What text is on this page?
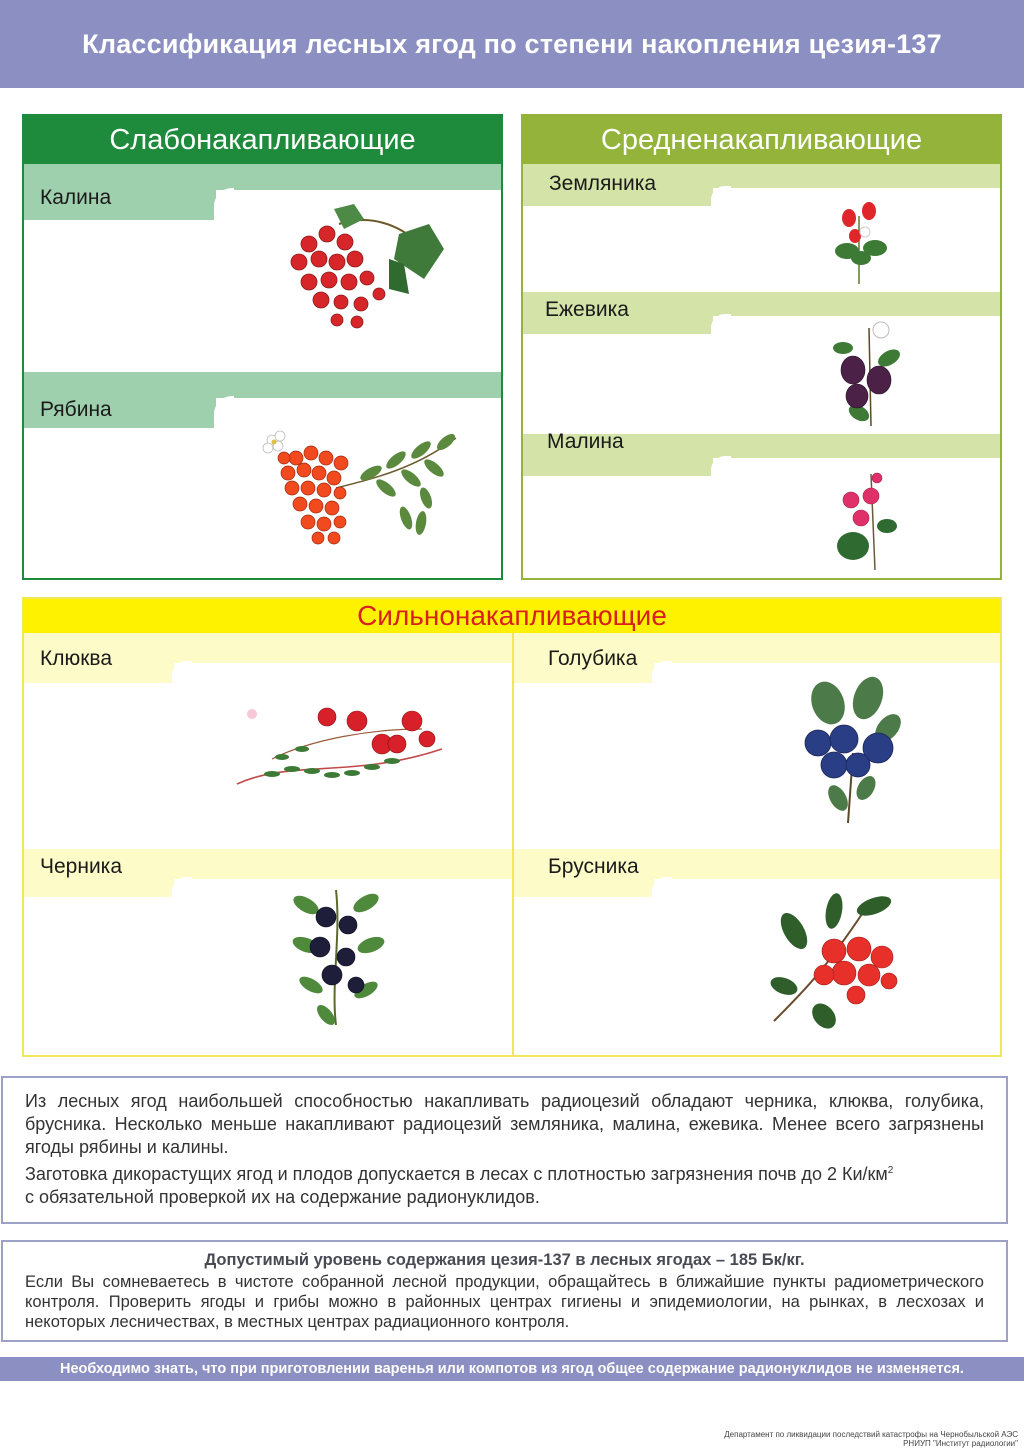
Классификация лесных ягод по степени накопления цезия-137
Слабонакапливающие
Калина
Рябина
Средненакапливающие
Земляника
Ежевика
Малина
Сильнонакапливающие
Клюква	Голубика
Черника	Брусника

Из лесных ягод наибольшей способностью накапливать радиоцезий обладают черника, клюква, голубика, брусника. Несколько меньше накапливают радиоцезий земляника, малина, ежевика. Менее всего загрязнены ягоды рябины и калины.

Заготовка дикорастущих ягод и плодов допускается в лесах с плотностью загрязнения почв до 2 $Ки/км^2$

с обязательной проверкой их на содержание радионуклидов.

Допустимый уровень содержания цезия-137 в лесных ягодах – 185 Бк/кг.
Если Вы сомневаетесь в чистоте собранной лесной продукции, обращайтесь в ближайшие пункты радиометрического контроля. Проверить ягоды и грибы можно в районных центрах гигиены и эпидемиологии, на рынках, в лесхозах и некоторых лесничествах, в местных центрах радиационного контроля.
Необходимо знать, что при приготовлении варенья или компотов из ягод общее содержание радионуклидов не изменяется.
Департамент по ликвидации последствий катастрофы на Чернобыльской АЭС
РНИУП "Институт радиологии"
